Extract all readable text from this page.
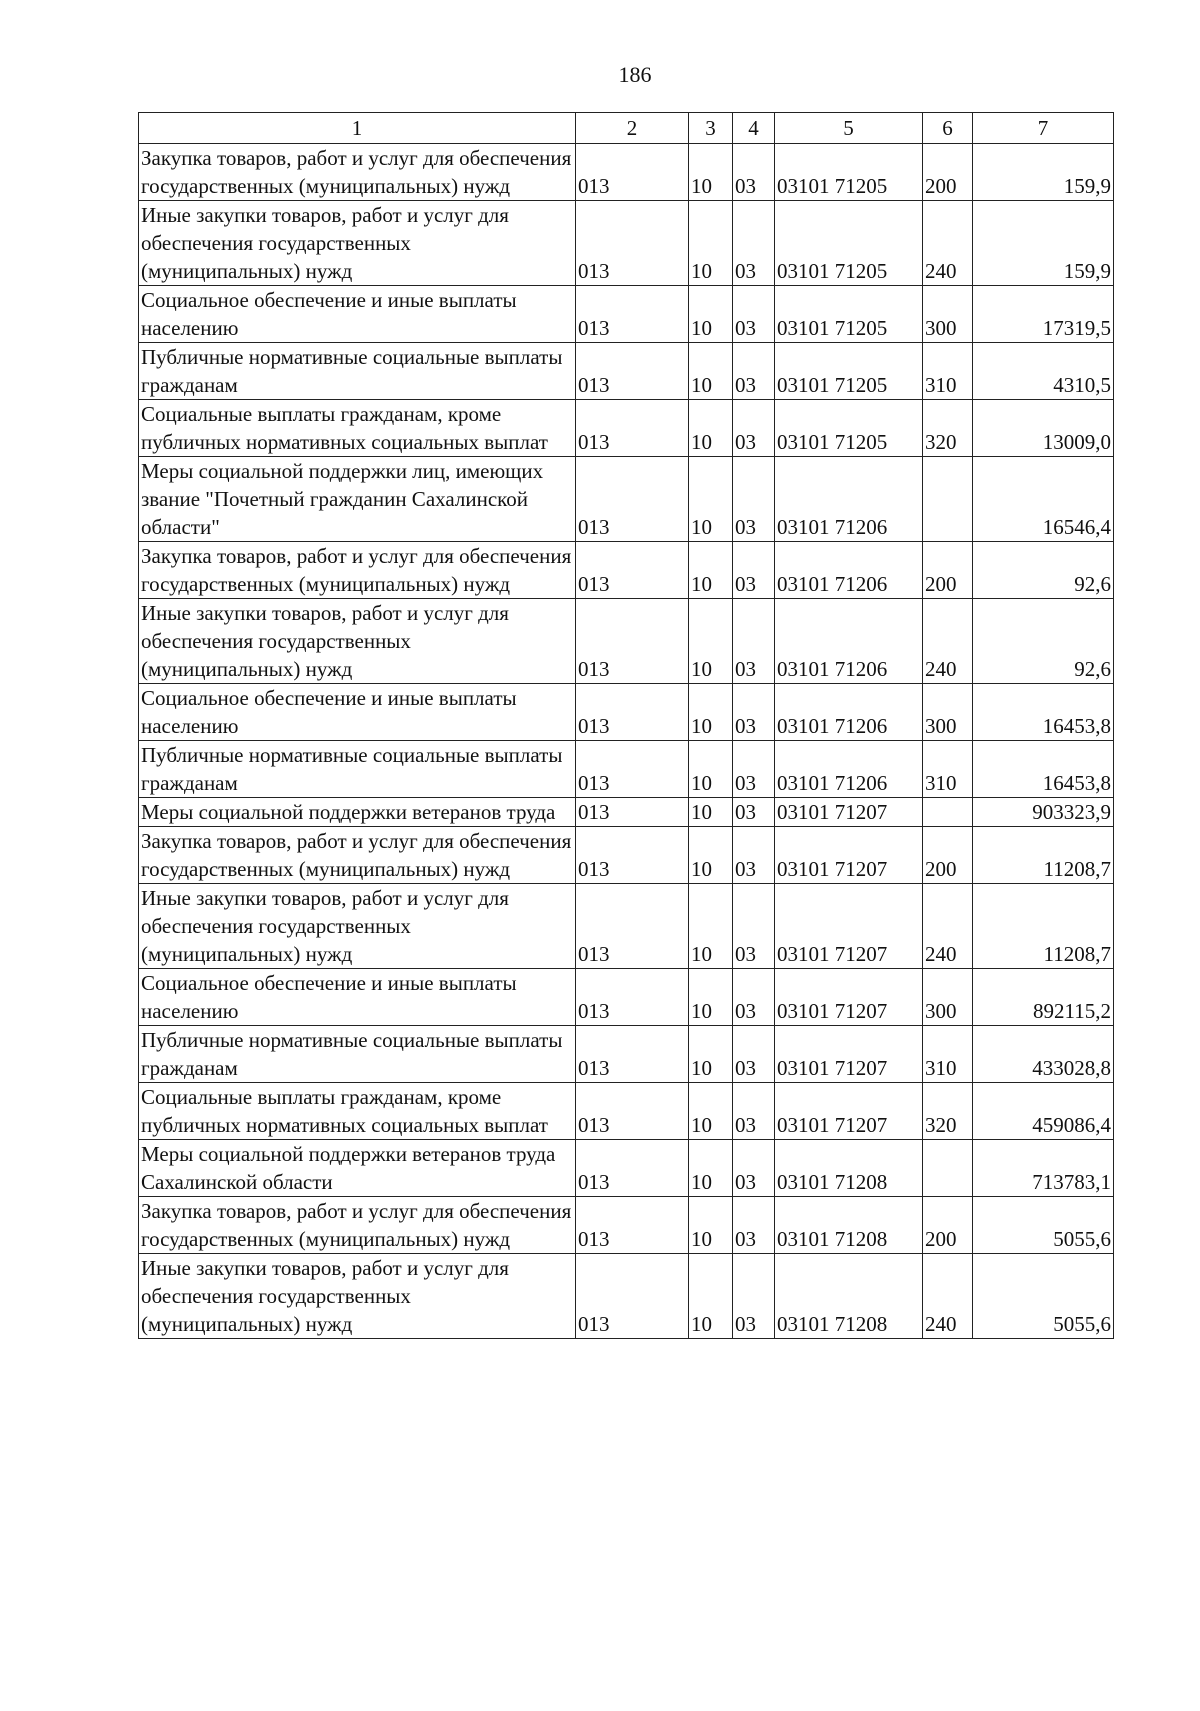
186
1	2	3	4	5	6	7
Закупка товаров, работ и услуг для обеспечения государственных (муниципальных) нужд	013	10	03	03101 71205	200	159,9
Иные закупки товаров, работ и услуг для обеспечения государственных (муниципальных) нужд	013	10	03	03101 71205	240	159,9
Социальное обеспечение и иные выплаты населению	013	10	03	03101 71205	300	17319,5
Публичные нормативные социальные выплаты гражданам	013	10	03	03101 71205	310	4310,5
Социальные выплаты гражданам, кроме публичных нормативных социальных выплат	013	10	03	03101 71205	320	13009,0
Меры социальной поддержки лиц, имеющих звание "Почетный гражданин Сахалинской области"	013	10	03	03101 71206		16546,4
Закупка товаров, работ и услуг для обеспечения государственных (муниципальных) нужд	013	10	03	03101 71206	200	92,6
Иные закупки товаров, работ и услуг для обеспечения государственных (муниципальных) нужд	013	10	03	03101 71206	240	92,6
Социальное обеспечение и иные выплаты населению	013	10	03	03101 71206	300	16453,8
Публичные нормативные социальные выплаты гражданам	013	10	03	03101 71206	310	16453,8
Меры социальной поддержки ветеранов труда	013	10	03	03101 71207		903323,9
Закупка товаров, работ и услуг для обеспечения государственных (муниципальных) нужд	013	10	03	03101 71207	200	11208,7
Иные закупки товаров, работ и услуг для обеспечения государственных (муниципальных) нужд	013	10	03	03101 71207	240	11208,7
Социальное обеспечение и иные выплаты населению	013	10	03	03101 71207	300	892115,2
Публичные нормативные социальные выплаты гражданам	013	10	03	03101 71207	310	433028,8
Социальные выплаты гражданам, кроме публичных нормативных социальных выплат	013	10	03	03101 71207	320	459086,4
Меры социальной поддержки ветеранов труда Сахалинской области	013	10	03	03101 71208		713783,1
Закупка товаров, работ и услуг для обеспечения государственных (муниципальных) нужд	013	10	03	03101 71208	200	5055,6
Иные закупки товаров, работ и услуг для обеспечения государственных (муниципальных) нужд	013	10	03	03101 71208	240	5055,6
